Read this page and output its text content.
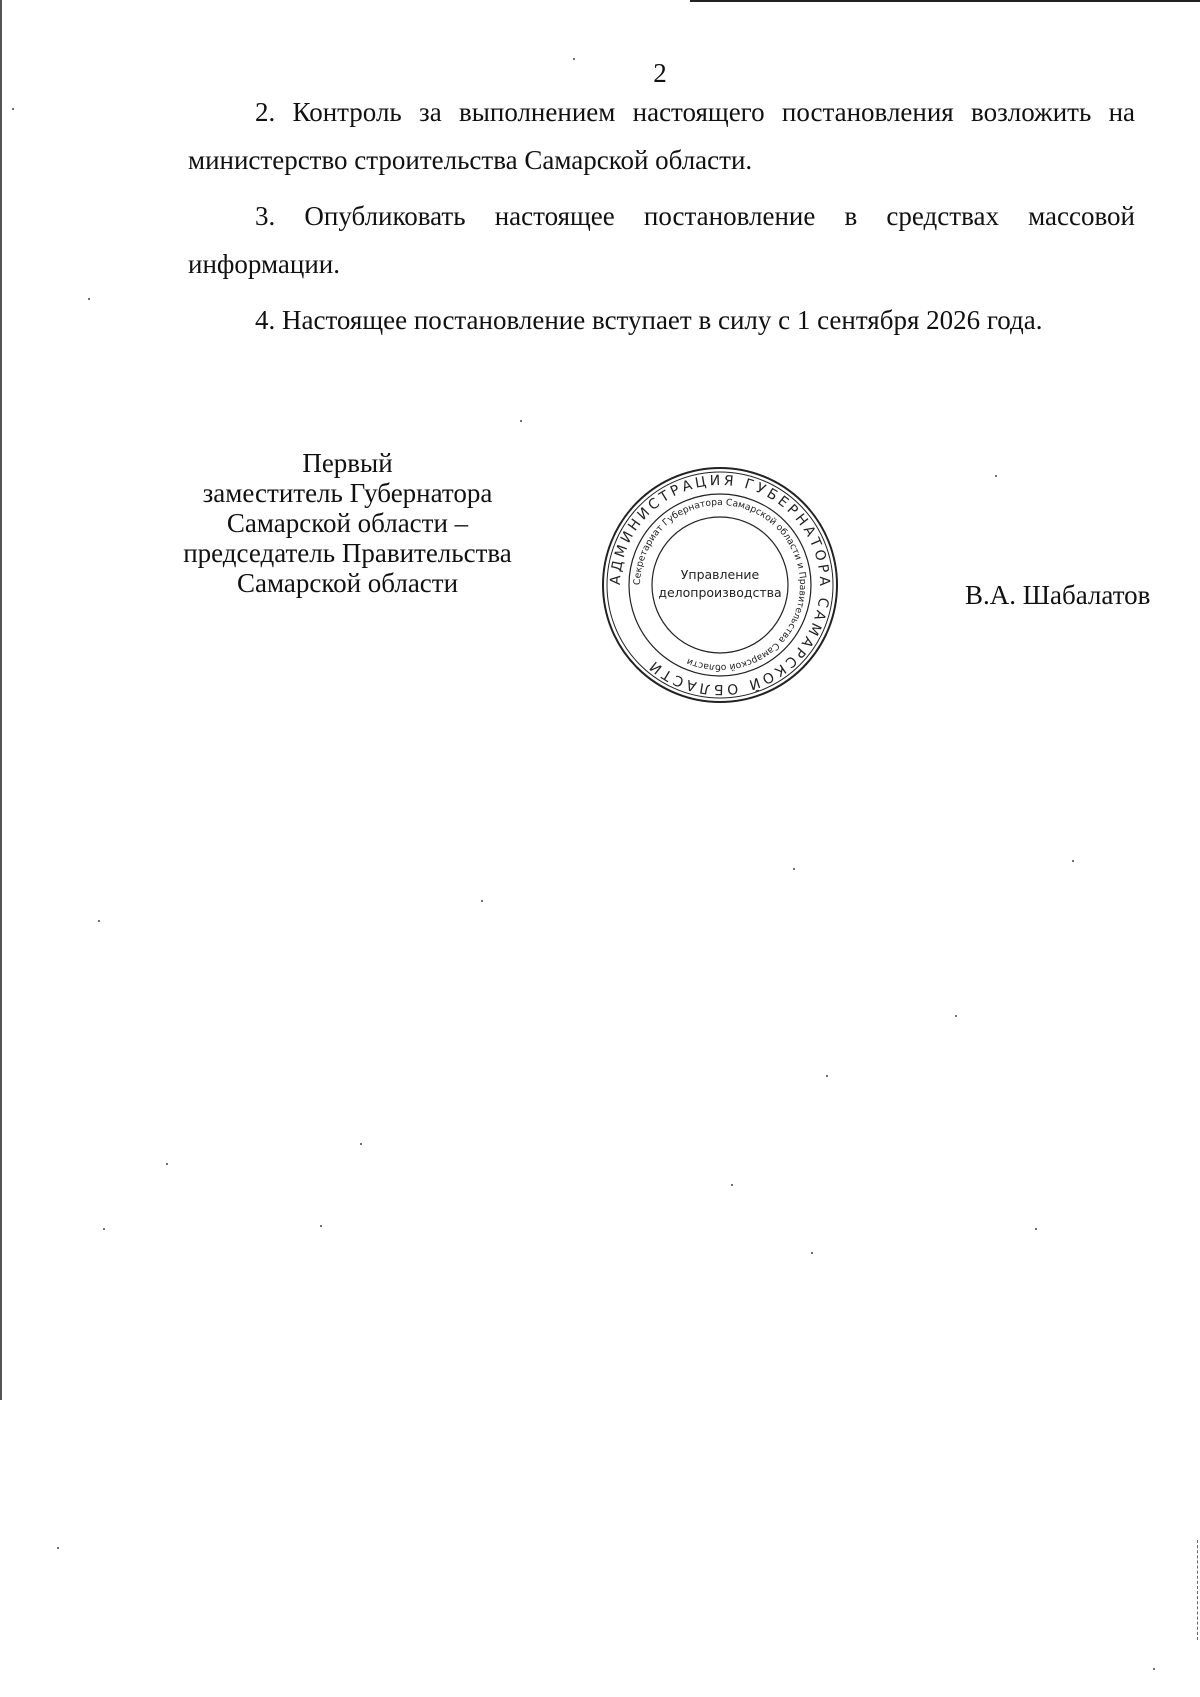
2

2. Контроль за выполнением настоящего постановления возложить на министерство строительства Самарской области.

3. Опубликовать настоящее постановление в средствах массовой информации.

4. Настоящее постановление вступает в силу с 1 сентября 2026 года.

Первый
заместитель Губернатора
Самарской области –
председатель Правительства
Самарской области	АДМИНИСТРАЦИЯ ГУБЕРНАТОРА САМАРСКОЙ ОБЛАСТИ
Секретариат Губернатора Самарской области и Правительства Самарской области
Управление
делопроизводства	В.А. Шабалатов
